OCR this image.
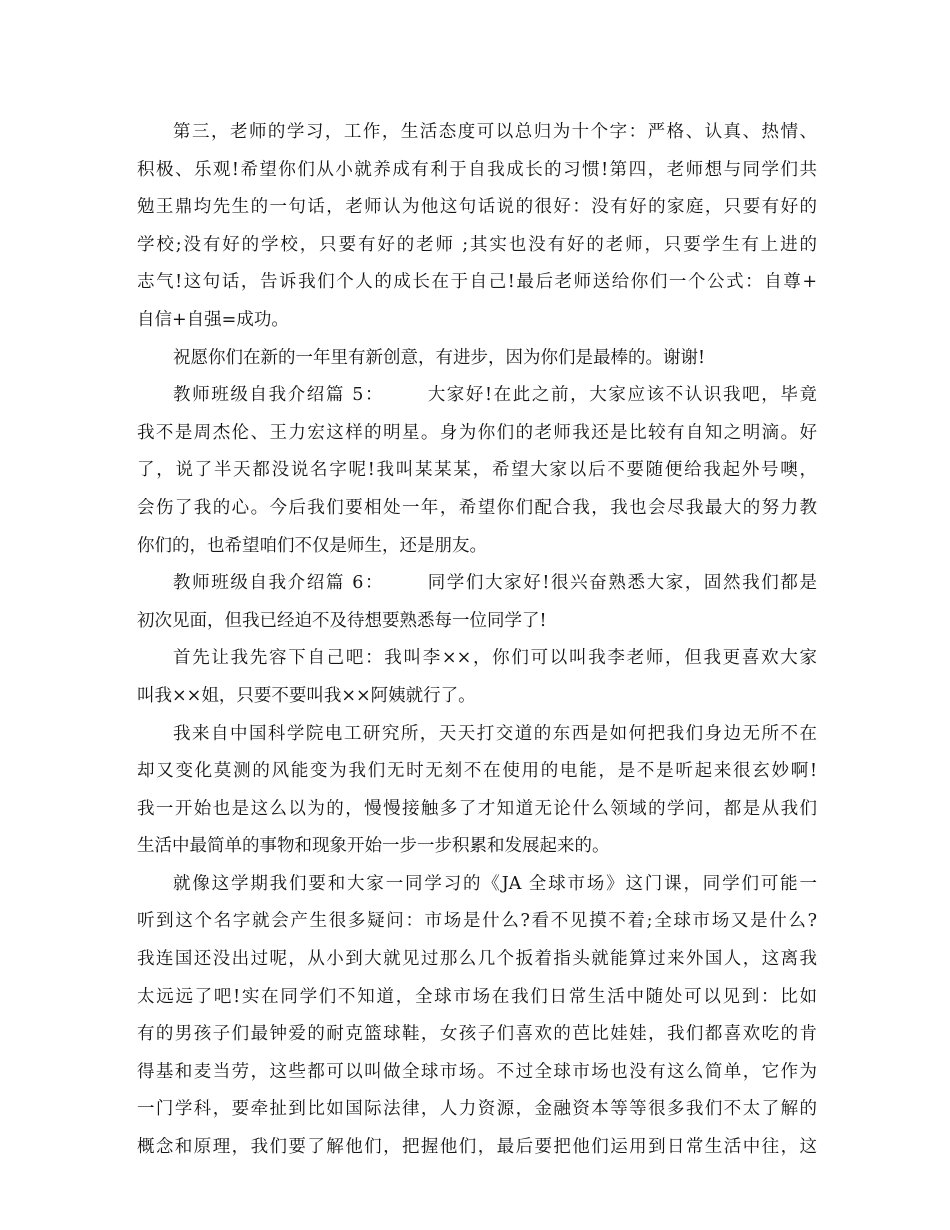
第三，老师的学习，工作，生活态度可以总归为十个字：严格、认真、热情、
积极、乐观!希望你们从小就养成有利于自我成长的习惯!第四，老师想与同学们共
勉王鼎均先生的一句话，老师认为他这句话说的很好：没有好的家庭，只要有好的
学校;没有好的学校，只要有好的老师 ;其实也没有好的老师，只要学生有上进的
志气!这句话，告诉我们个人的成长在于自己!最后老师送给你们一个公式：自尊+
自信+自强=成功。
祝愿你们在新的一年里有新创意，有进步，因为你们是最棒的。谢谢!
教师班级自我介绍篇 5： 大家好!在此之前，大家应该不认识我吧，毕竟
我不是周杰伦、王力宏这样的明星。身为你们的老师我还是比较有自知之明滴。好
了，说了半天都没说名字呢!我叫某某某，希望大家以后不要随便给我起外号噢，
会伤了我的心。今后我们要相处一年，希望你们配合我，我也会尽我最大的努力教
你们的，也希望咱们不仅是师生，还是朋友。
教师班级自我介绍篇 6： 同学们大家好!很兴奋熟悉大家，固然我们都是
初次见面，但我已经迫不及待想要熟悉每一位同学了!
首先让我先容下自己吧：我叫李××，你们可以叫我李老师，但我更喜欢大家
叫我××姐，只要不要叫我××阿姨就行了。
我来自中国科学院电工研究所，天天打交道的东西是如何把我们身边无所不在
却又变化莫测的风能变为我们无时无刻不在使用的电能，是不是听起来很玄妙啊!
我一开始也是这么以为的，慢慢接触多了才知道无论什么领域的学问，都是从我们
生活中最简单的事物和现象开始一步一步积累和发展起来的。
就像这学期我们要和大家一同学习的《JA 全球市场》这门课，同学们可能一
听到这个名字就会产生很多疑问：市场是什么?看不见摸不着;全球市场又是什么?
我连国还没出过呢，从小到大就见过那么几个扳着指头就能算过来外国人，这离我
太远远了吧!实在同学们不知道，全球市场在我们日常生活中随处可以见到：比如
有的男孩子们最钟爱的耐克篮球鞋，女孩子们喜欢的芭比娃娃，我们都喜欢吃的肯
得基和麦当劳，这些都可以叫做全球市场。不过全球市场也没有这么简单，它作为
一门学科，要牵扯到比如国际法律，人力资源，金融资本等等很多我们不太了解的
概念和原理，我们要了解他们，把握他们，最后要把他们运用到日常生活中往，这
